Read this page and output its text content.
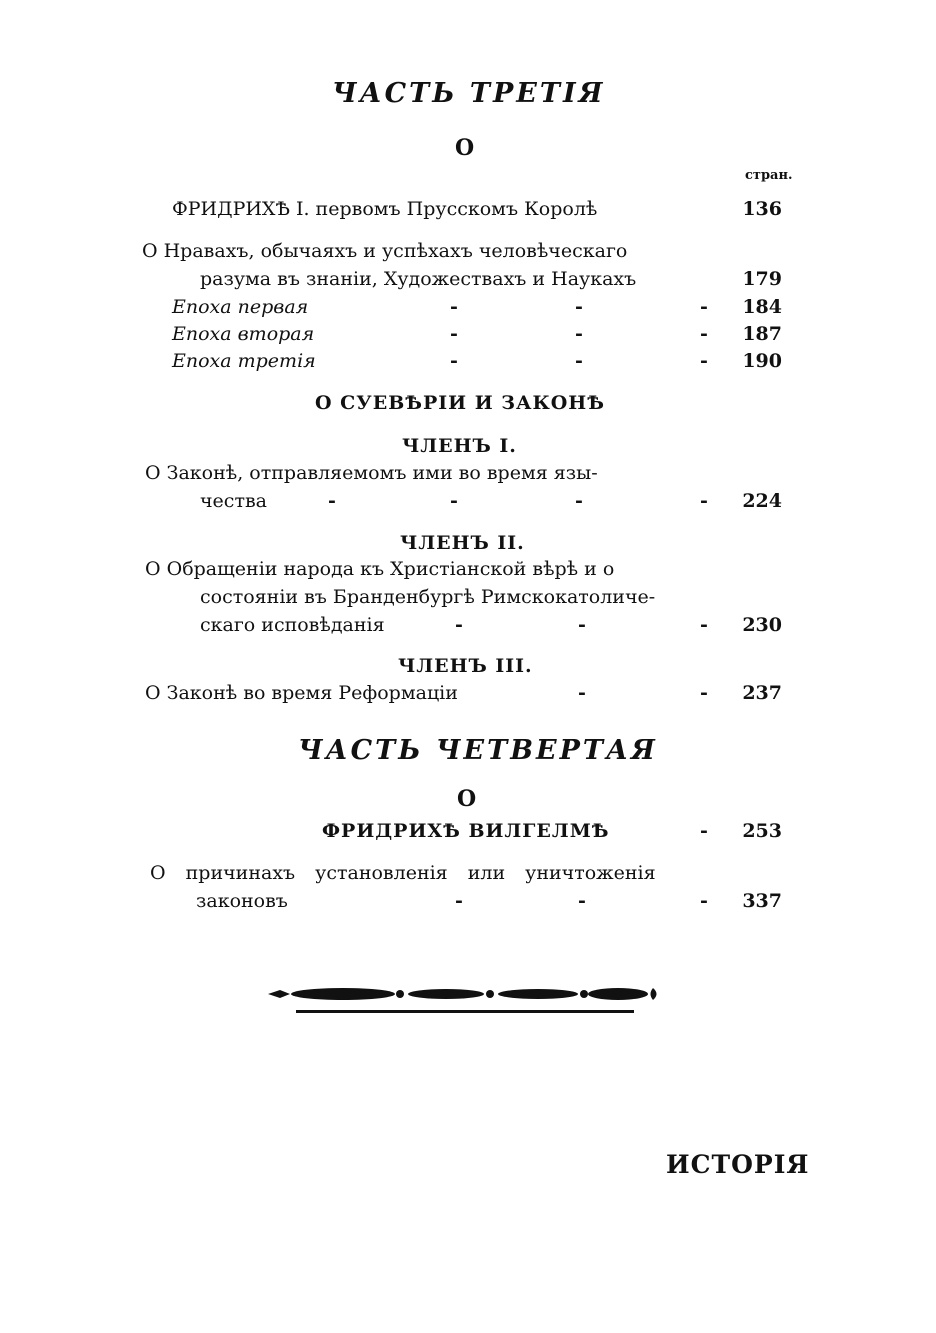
ЧАСТЬ ТРЕТІЯ
О
стран.
ФРИДРИХѢ I. первомъ Прусскомъ Королѣ	136
О Нравахъ, обычаяхъ и успѣхахъ человѣческаго
разума въ знаніи, Художествахъ и Наукахъ	179
Епоха первая	-	-	-	184
Епоха вторая	-	-	-	187
Епоха третія	-	-	-	190
О СУЕВѢРІИ И ЗАКОНѢ
ЧЛЕНЪ I.
О Законѣ, отправляемомъ ими во время язы-
чества	-	-	-	-	224
ЧЛЕНЪ II.
О Обращеніи народа къ Христіанской вѣрѣ и о
состояніи въ Бранденбургѣ Римскокатоличе-
скаго исповѣданія	-	-	-	230
ЧЛЕНЪ III.
О Законѣ во время Реформаціи	-	-	237
ЧАСТЬ ЧЕТВЕРТАЯ
О
ФРИДРИХѢ ВИЛГЕЛМѢ	-	253
О причинахъ установленія или уничтоженія
законовъ	-	-	-	337
ИСТОРІЯ
